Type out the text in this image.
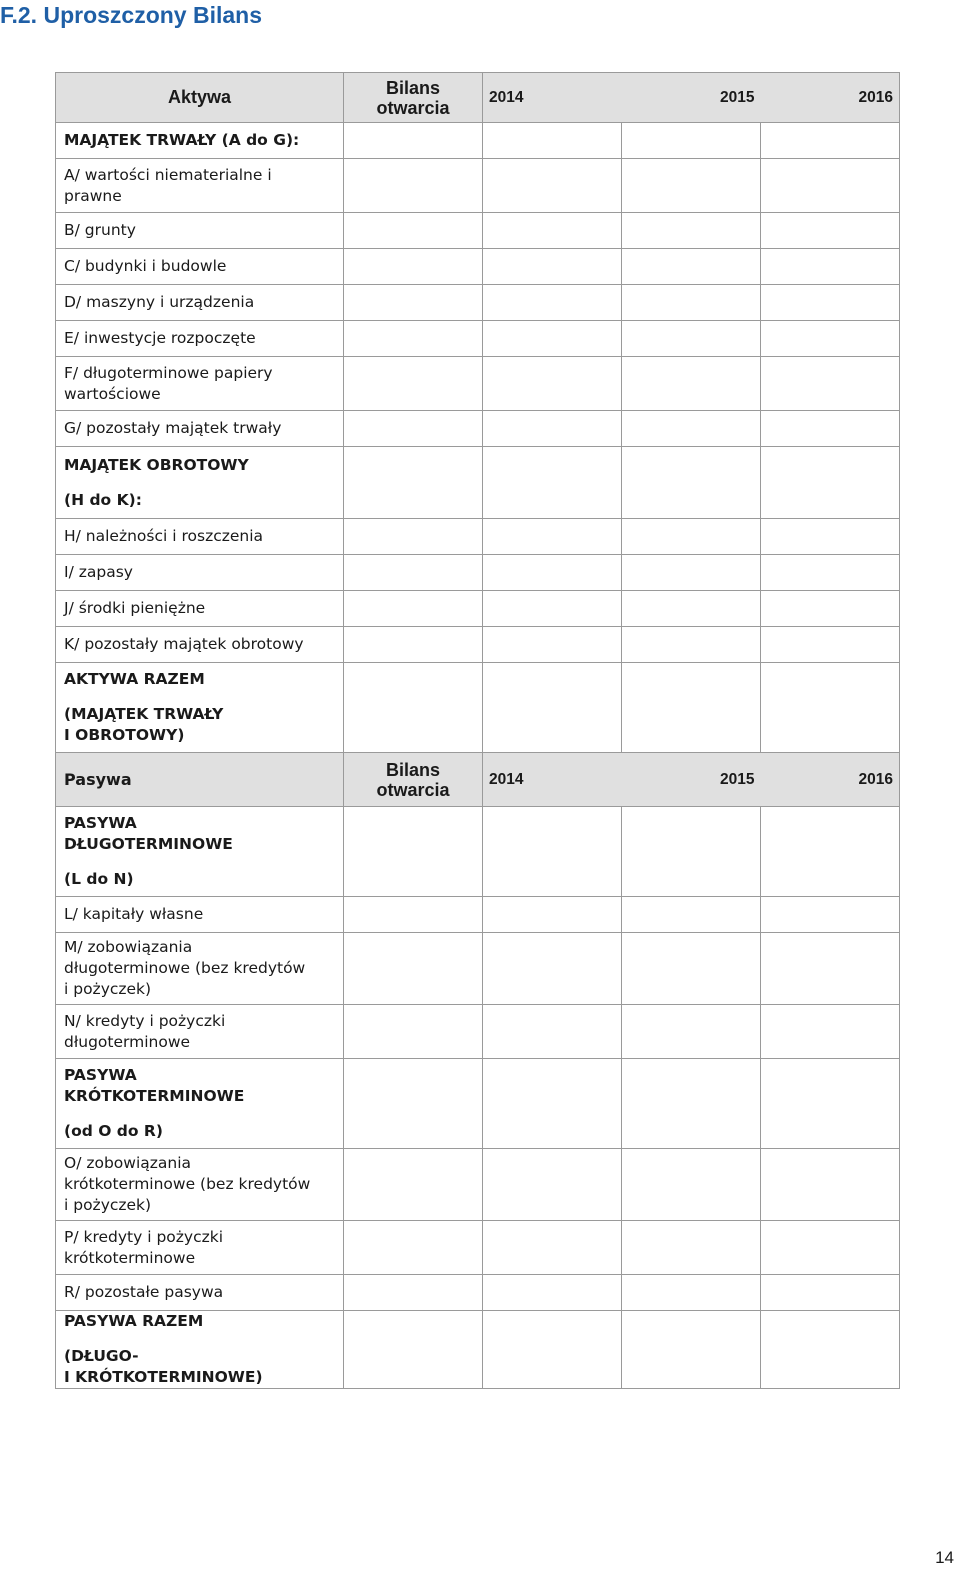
F.2. Uproszczony Bilans
Aktywa	Bilans
otwarcia	2014	2015	2016

MAJĄTEK TRWAŁY (A do G):				

A/ wartości niematerialne i
prawne				

B/ grunty				

C/ budynki i budowle				

D/ maszyny i urządzenia				

E/ inwestycje rozpoczęte				

F/ długoterminowe papiery
wartościowe				

G/ pozostały majątek trwały				

MAJĄTEK OBROTOWY
(H do K):				

H/ należności i roszczenia				

I/ zapasy				

J/ środki pieniężne				

K/ pozostały majątek obrotowy				

AKTYWA RAZEM
(MAJĄTEK TRWAŁY
I OBROTOWY)				

Pasywa	Bilans
otwarcia	2014	2015	2016

PASYWA
DŁUGOTERMINOWE
(L do N)				

L/ kapitały własne				

M/ zobowiązania
długoterminowe (bez kredytów
i pożyczek)				

N/ kredyty i pożyczki
długoterminowe				

PASYWA
KRÓTKOTERMINOWE
(od O do R)				

O/ zobowiązania
krótkoterminowe (bez kredytów
i pożyczek)				

P/ kredyty i pożyczki
krótkoterminowe				

R/ pozostałe pasywa				

PASYWA RAZEM
(DŁUGO-
I KRÓTKOTERMINOWE)				

14
